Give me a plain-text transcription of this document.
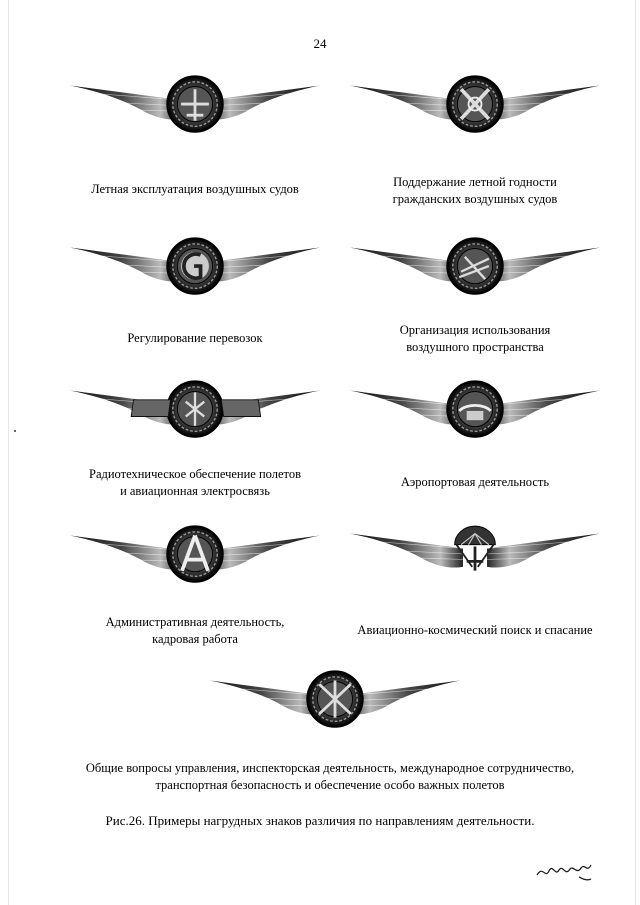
24
Летная эксплуатация воздушных судов	Поддержание летной годности
гражданских воздушных судов
Регулирование перевозок
Организация использования
воздушного пространства
Радиотехническое обеспечение полетов
и авиационная электросвязь
Аэропортовая деятельность
Административная деятельность,
кадровая работа
Авиационно-космический поиск и спасание
Общие вопросы управления, инспекторская деятельность, международное сотрудничество,
транспортная безопасность и обеспечение особо важных полетов
Рис.26. Примеры нагрудных знаков различия по направлениям деятельности.
